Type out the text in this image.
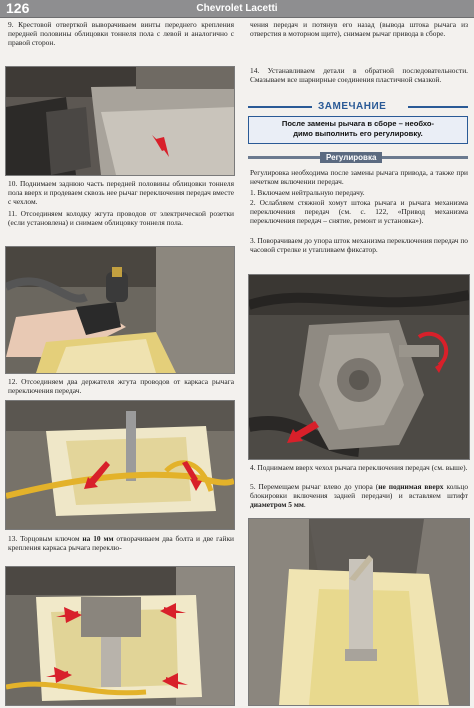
126	Chevrolet Lacetti

9. Крестовой отверткой выворачиваем винты переднего крепления передней половины облицовки тоннеля пола с левой и аналогично с правой сторон.

10. Поднимаем заднюю часть передней половины облицовки тоннеля пола вверх и продеваем сквозь нее рычаг переключения передач вместе с чехлом.

11. Отсоединяем колодку жгута проводов от электрической розетки (если установлена) и снимаем облицовку тоннеля пола.

12. Отсоединяем два держателя жгута проводов от каркаса рычага переключения передач.

13. Торцовым ключом на 10 мм отворачиваем два болта и две гайки крепления каркаса рычага переклю-

чения передач и потянув его назад (вывода штока рычага из отверстия в моторном щите), снимаем рычаг привода в сборе.

14. Устанавливаем детали в обратной последовательности. Смазываем все шарнирные соединения пластичной смазкой.

ЗАМЕЧАНИЕ
После замены рычага в сборе – необхо-
димо выполнить его регулировку.
Регулировка

Регулировка необходима после замены рычага привода, а также при нечетком включении передач.

1. Включаем нейтральную передачу.

2. Ослабляем стяжной хомут штока рычага и рычага механизма переключения передач (см. с. 122, «Привод механизма переключения передач – снятие, ремонт и установка»).

3. Поворачиваем до упора шток механизма переключения передач по часовой стрелке и утапливаем фиксатор.

4. Поднимаем вверх чехол рычага переключения передач (см. выше).

5. Перемещаем рычаг влево до упора (не поднимая вверх кольцо блокировки включения задней передачи) и вставляем штифт диаметром 5 мм.
